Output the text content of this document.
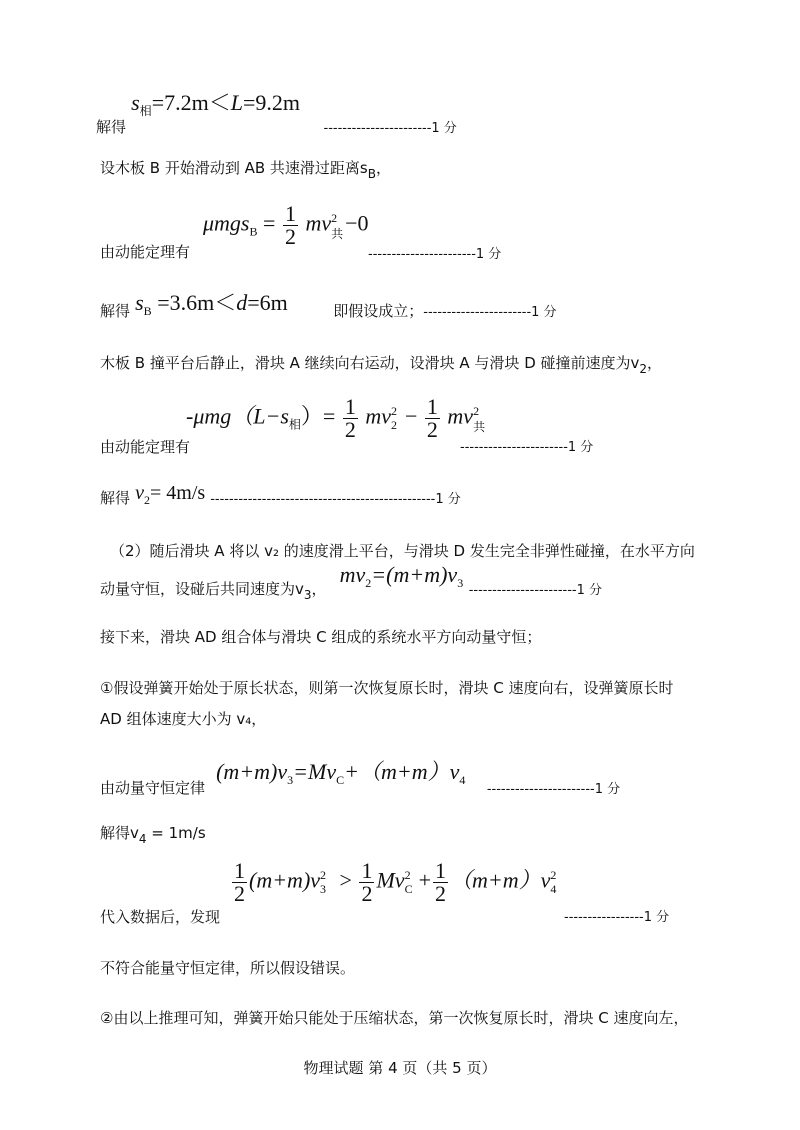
解得 $s_相=7.2m<L=9.2m$ $_{-----------------------1 分}$
设木板 B 开始滑动到 AB 共速滑过距离$s_B$，
由动能定理有
$\mu mgs_B = \frac{1}{2}$ mv 2
共 −0
-----------------------1 分
解得 $s_B =3.6m<d=6m$	即假设成立；$_{-----------------------1 分}$
木板 B 撞平台后静止，滑块 A 继续向右运动，设滑块 A 与滑块 D 碰撞前速度为$v_2$，
由动能定理有
$-\mu mg(L-s_相)= \frac{1}{2}$ mv 2
$2 - \frac{1}{2}$ mv 2
共
-----------------------1 分
解得 $v_2= 4m/s$ $_{------------------------------------------------1 分}$
（2）随后滑块 A 将以 v₂ 的速度滑上平台，与滑块 D 发生完全非弹性碰撞，在水平方向
动量守恒，设碰后共同速度为$v_3$， $mv_2=(m+m)v_3$ $_{-----------------------1 分}$
接下来，滑块 AD 组合体与滑块 C 组成的系统水平方向动量守恒；
①假设弹簧开始处于原长状态，则第一次恢复原长时，滑块 C 速度向右，设弹簧原长时
AD 组体速度大小为 v₄，
由动量守恒定律 $(m+m)v_3=Mv_C+(m+m)v_4$ $_{-----------------------1 分}$
解得$v_4 = 1m/s$
代入数据后，发现
$\frac{1}{2} (m+m)v$ 2
$3 > \frac{1}{2}$ Mv 2
$C + \frac{1}{2} (m+m)v$ 2
4
-----------------1 分
不符合能量守恒定律，所以假设错误。
②由以上推理可知，弹簧开始只能处于压缩状态，第一次恢复原长时，滑块 C 速度向左，
物理试题 第 4 页（共 5 页）
